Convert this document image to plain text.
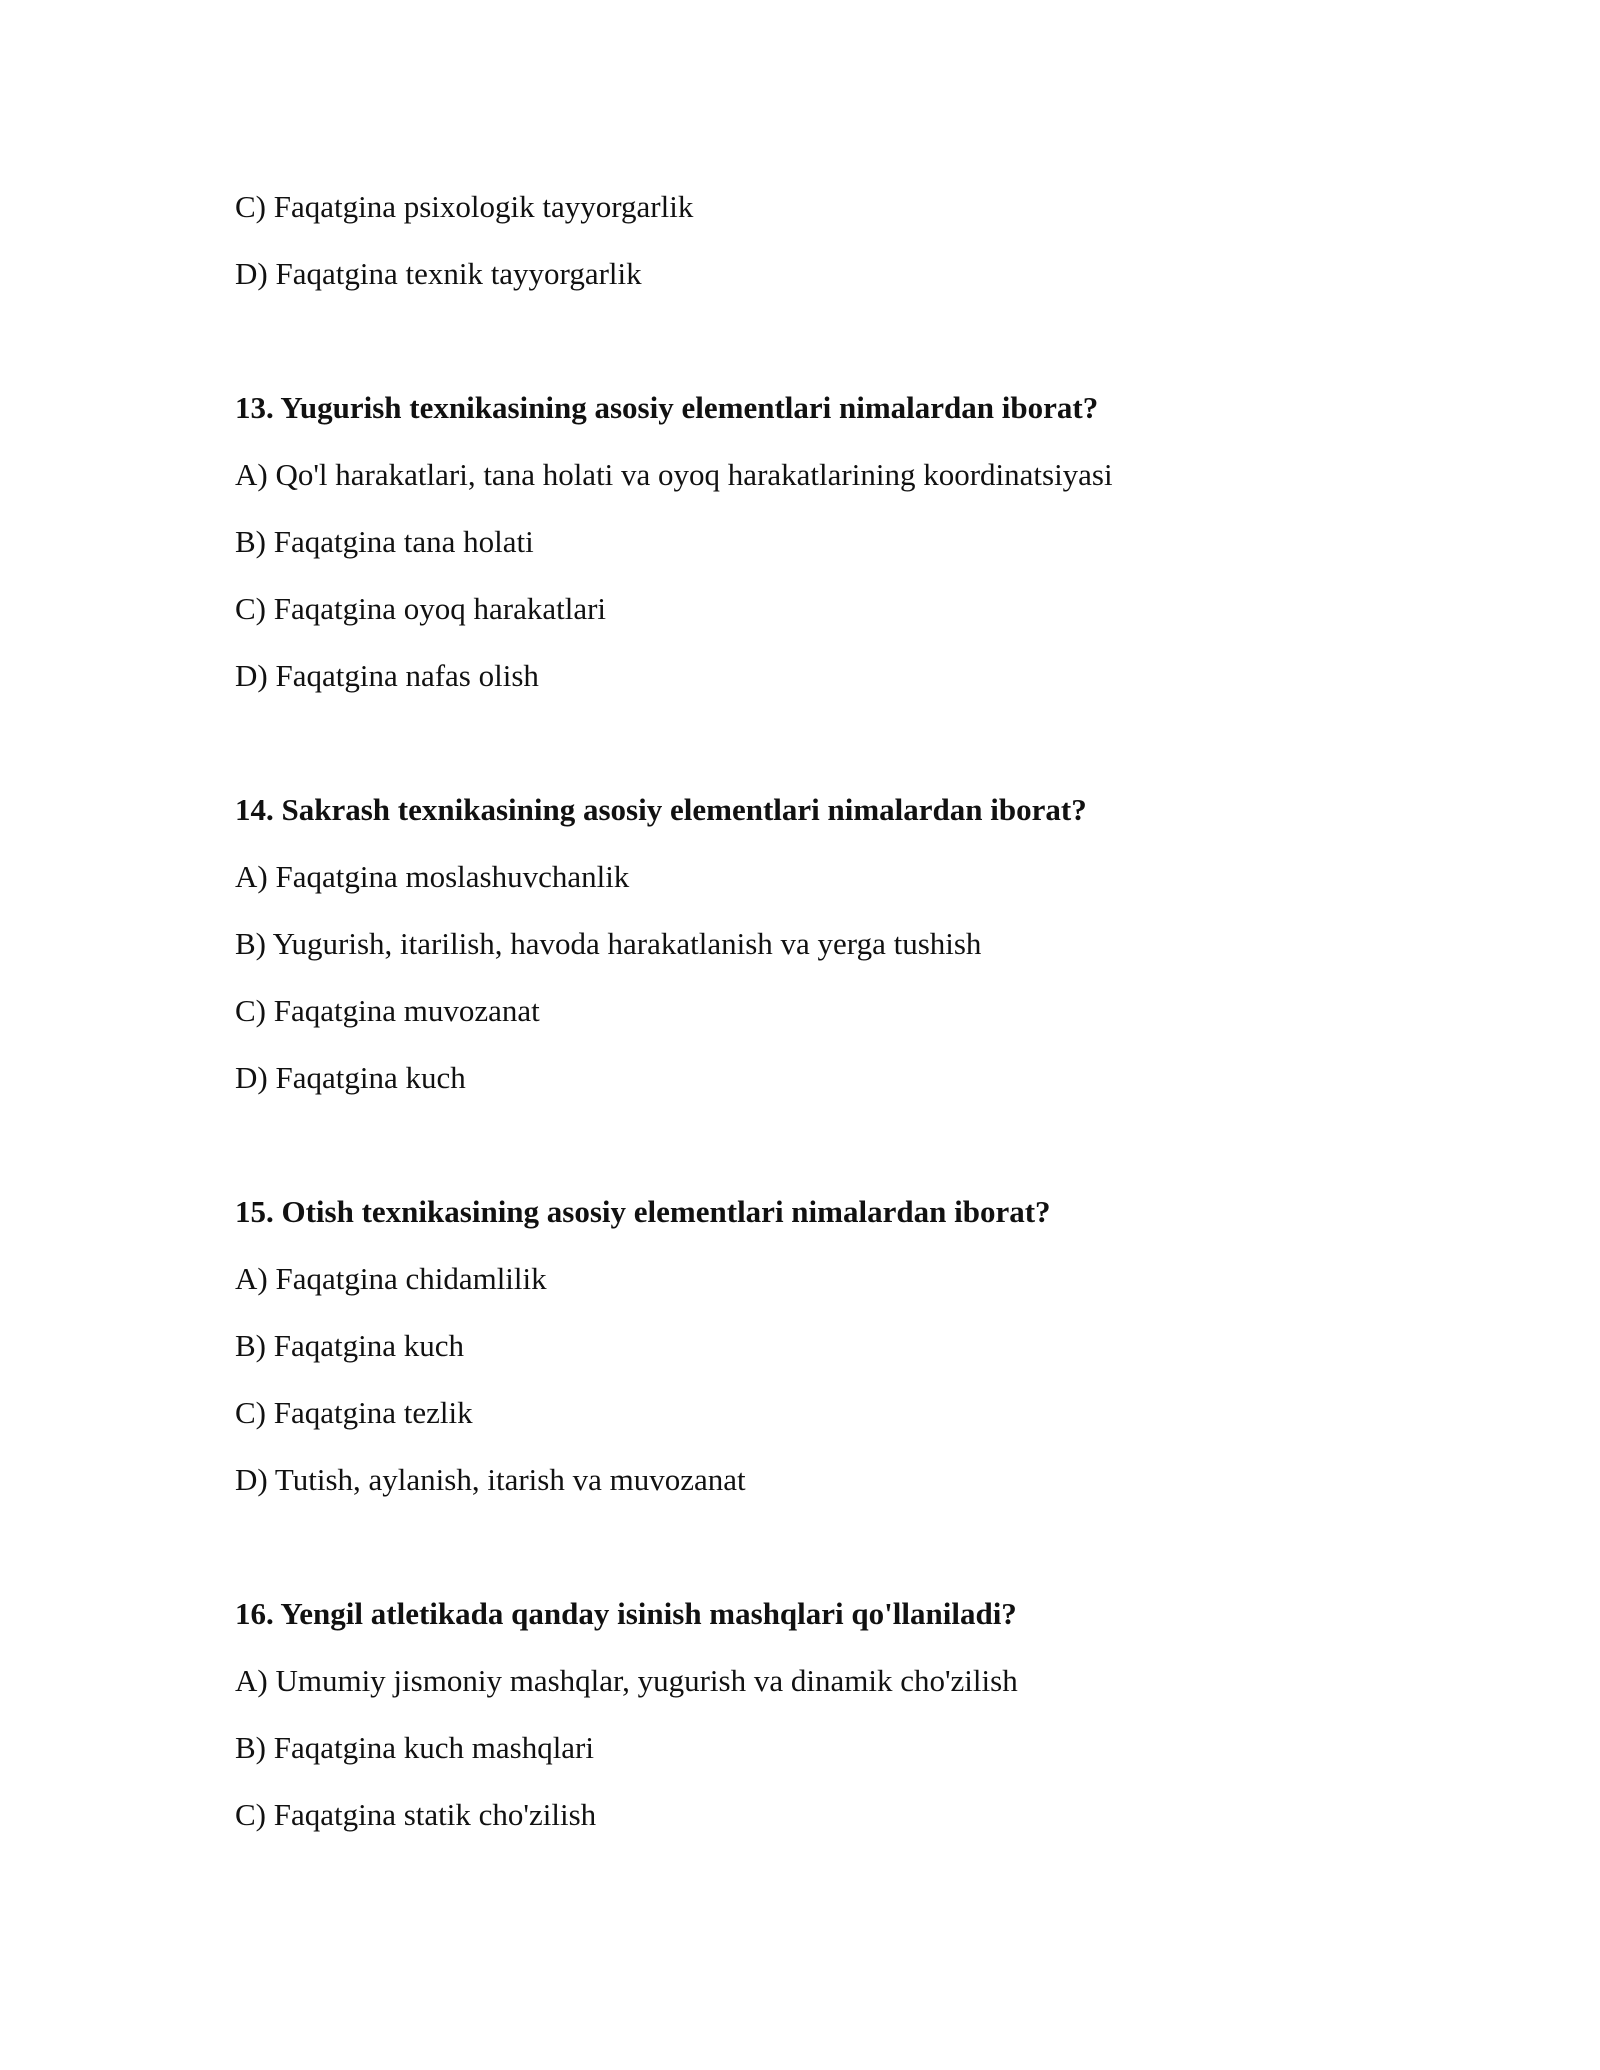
C) Faqatgina psixologik tayyorgarlik
D) Faqatgina texnik tayyorgarlik
13. Yugurish texnikasining asosiy elementlari nimalardan iborat?
A) Qo'l harakatlari, tana holati va oyoq harakatlarining koordinatsiyasi
B) Faqatgina tana holati
C) Faqatgina oyoq harakatlari
D) Faqatgina nafas olish
14. Sakrash texnikasining asosiy elementlari nimalardan iborat?
A) Faqatgina moslashuvchanlik
B) Yugurish, itarilish, havoda harakatlanish va yerga tushish
C) Faqatgina muvozanat
D) Faqatgina kuch
15. Otish texnikasining asosiy elementlari nimalardan iborat?
A) Faqatgina chidamlilik
B) Faqatgina kuch
C) Faqatgina tezlik
D) Tutish, aylanish, itarish va muvozanat
16. Yengil atletikada qanday isinish mashqlari qo'llaniladi?
A) Umumiy jismoniy mashqlar, yugurish va dinamik cho'zilish
B) Faqatgina kuch mashqlari
C) Faqatgina statik cho'zilish
